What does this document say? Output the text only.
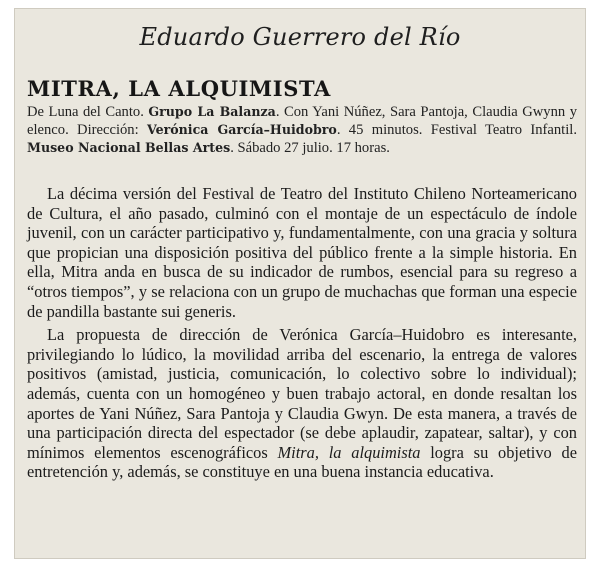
Eduardo Guerrero del Río
MITRA, LA ALQUIMISTA
De Luna del Canto. Grupo La Balanza. Con Yani Núñez, Sara Pantoja, Claudia Gwynn y elenco. Dirección: Verónica García–Huidobro. 45 minutos. Festival Teatro Infantil. Museo Nacional Bellas Artes. Sábado 27 julio. 17 horas.

La décima versión del Festival de Teatro del Instituto Chileno Norteamericano de Cultura, el año pasado, culminó con el montaje de un espectáculo de índole juvenil, con un carácter participativo y, fundamentalmente, con una gracia y soltura que propician una disposición positiva del público frente a la simple historia. En ella, Mitra anda en busca de su indicador de rumbos, esencial para su regreso a “otros tiempos”, y se relaciona con un grupo de muchachas que forman una especie de pandilla bastante sui generis.

La propuesta de dirección de Verónica García–Huidobro es interesante, privilegiando lo lúdico, la movilidad arriba del escenario, la entrega de valores positivos (amistad, justicia, comunicación, lo colectivo sobre lo individual); además, cuenta con un homogéneo y buen trabajo actoral, en donde resaltan los aportes de Yani Núñez, Sara Pantoja y Claudia Gwyn. De esta manera, a través de una participación directa del espectador (se debe aplaudir, zapatear, saltar), y con mínimos elementos escenográficos Mitra, la alquimista logra su objetivo de entretención y, además, se constituye en una buena instancia educativa.
